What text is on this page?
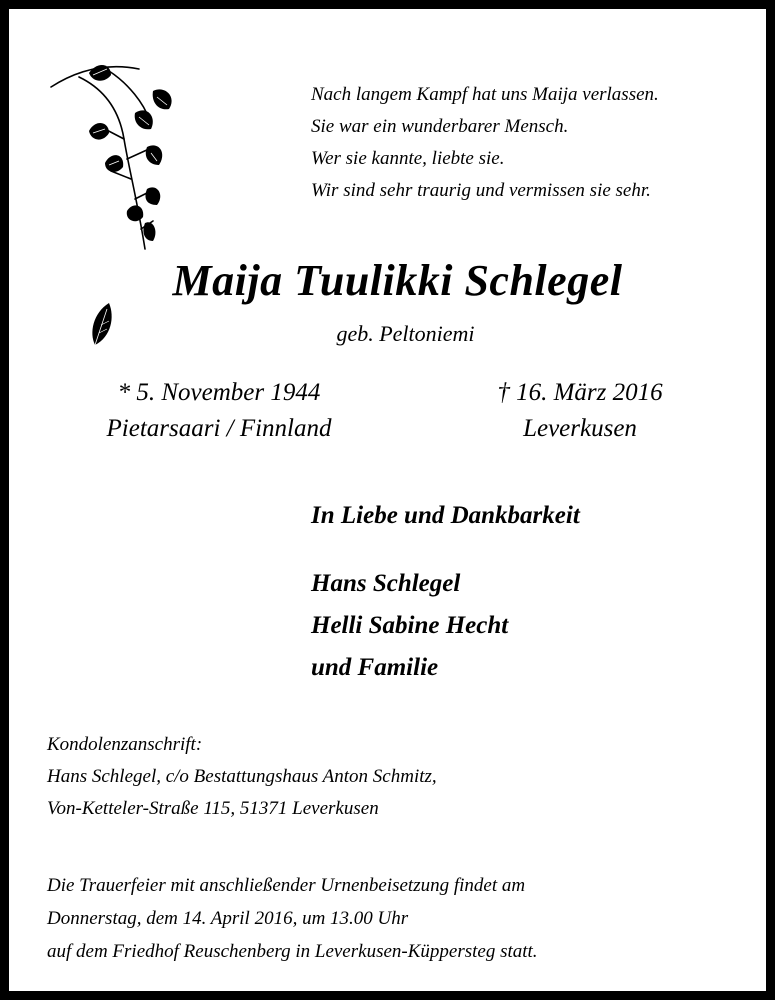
Nach langem Kampf hat uns Maija verlassen.
Sie war ein wunderbarer Mensch.
Wer sie kannte, liebte sie.
Wir sind sehr traurig und vermissen sie sehr.
Maija Tuulikki Schlegel
geb. Peltoniemi
* 5. November 1944
Pietarsaari / Finnland
† 16. März 2016
Leverkusen
In Liebe und Dankbarkeit
Hans Schlegel
Helli Sabine Hecht
und Familie
Kondolenzanschrift:
Hans Schlegel, c/o Bestattungshaus Anton Schmitz,
Von-Ketteler-Straße 115, 51371 Leverkusen
Die Trauerfeier mit anschließender Urnenbeisetzung findet am
Donnerstag, dem 14. April 2016, um 13.00 Uhr
auf dem Friedhof Reuschenberg in Leverkusen-Küppersteg statt.
